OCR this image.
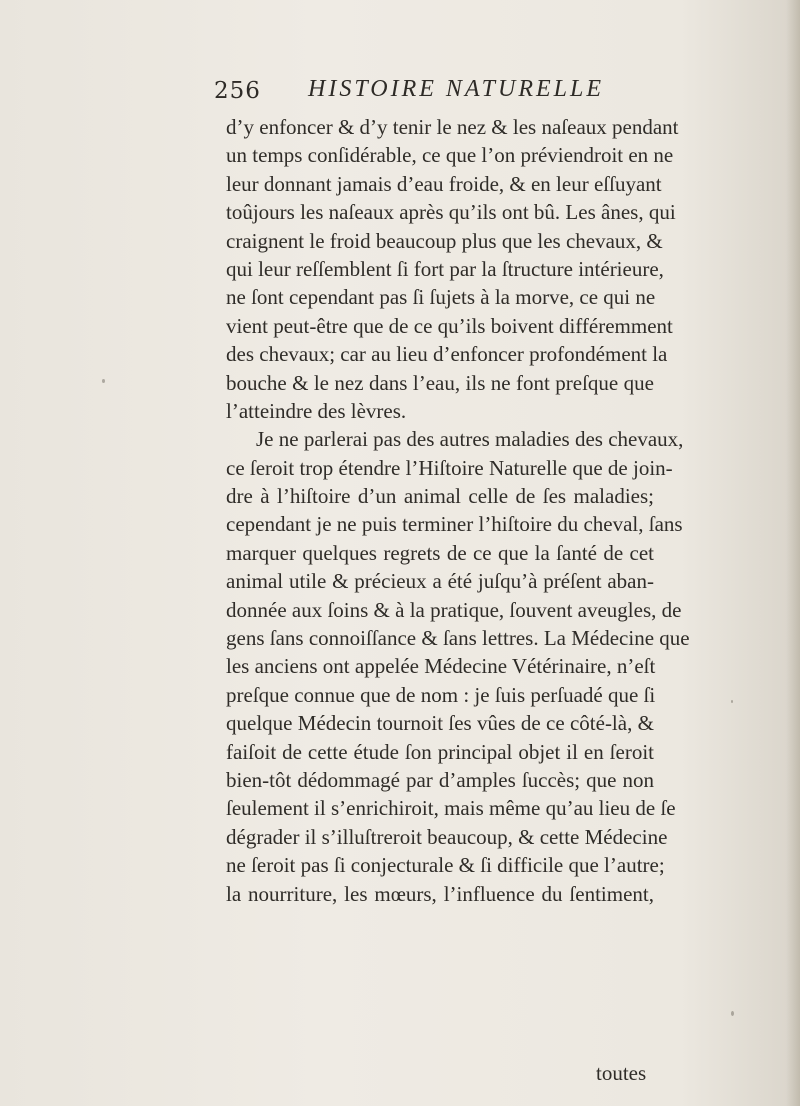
256 HISTOIRE NATURELLE
d’y enfoncer & d’y tenir le nez & les naſeaux pendant
un temps conſidérable, ce que l’on préviendroit en ne
leur donnant jamais d’eau froide, & en leur eſſuyant
toûjours les naſeaux après qu’ils ont bû. Les ânes, qui
craignent le froid beaucoup plus que les chevaux, &
qui leur reſſemblent ſi fort par la ſtructure intérieure,
ne ſont cependant pas ſi ſujets à la morve, ce qui ne
vient peut-être que de ce qu’ils boivent différemment
des chevaux; car au lieu d’enfoncer profondément la
bouche & le nez dans l’eau, ils ne font preſque que
l’atteindre des lèvres.
Je ne parlerai pas des autres maladies des chevaux,
ce ſeroit trop étendre l’Hiſtoire Naturelle que de join-
dre à l’hiſtoire d’un animal celle de ſes maladies;
cependant je ne puis terminer l’hiſtoire du cheval, ſans
marquer quelques regrets de ce que la ſanté de cet
animal utile & précieux a été juſqu’à préſent aban-
donnée aux ſoins & à la pratique, ſouvent aveugles, de
gens ſans connoiſſance & ſans lettres. La Médecine que
les anciens ont appelée Médecine Vétérinaire, n’eſt
preſque connue que de nom : je ſuis perſuadé que ſi
quelque Médecin tournoit ſes vûes de ce côté-là, &
faiſoit de cette étude ſon principal objet il en ſeroit
bien-tôt dédommagé par d’amples ſuccès; que non
ſeulement il s’enrichiroit, mais même qu’au lieu de ſe
dégrader il s’illuſtreroit beaucoup, & cette Médecine
ne ſeroit pas ſi conjecturale & ſi difficile que l’autre;
la nourriture, les mœurs, l’influence du ſentiment,
toutes
